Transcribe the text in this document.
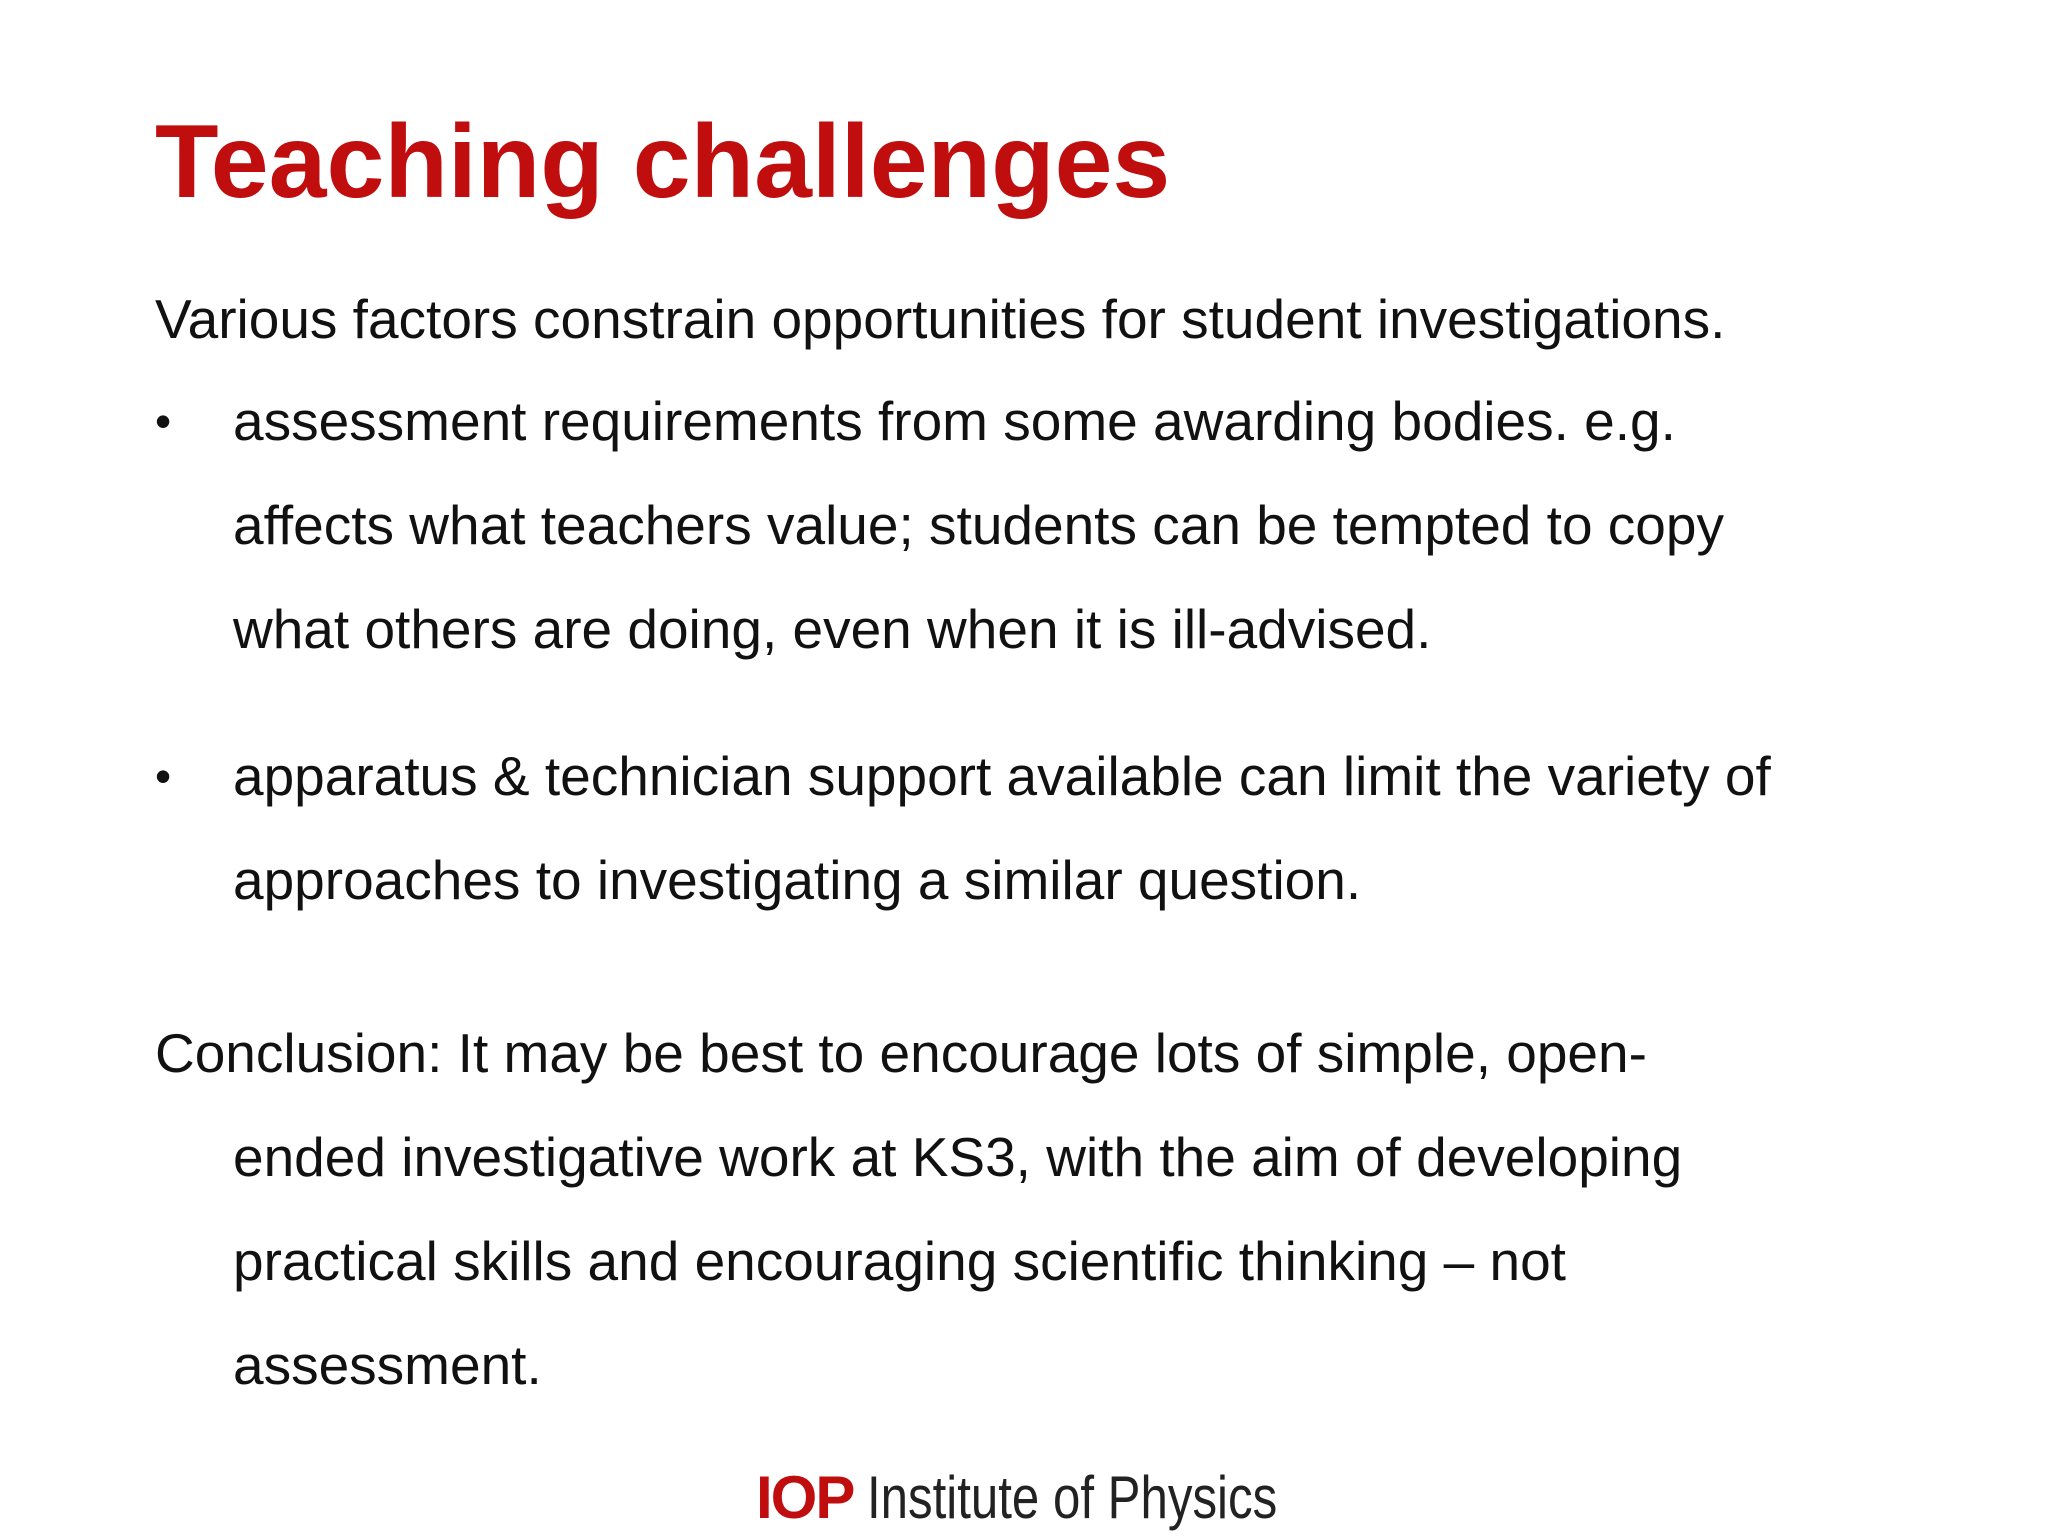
Teaching challenges

Various factors constrain opportunities for student investigations.

• assessment requirements from some awarding bodies. e.g.
affects what teachers value; students can be tempted to copy
what others are doing, even when it is ill-advised.
• apparatus & technician support available can limit the variety of
approaches to investigating a similar question.
Conclusion: It may be best to encourage lots of simple, open-
ended investigative work at KS3, with the aim of developing
practical skills and encouraging scientific thinking – not
assessment.
IOP Institute of Physics
